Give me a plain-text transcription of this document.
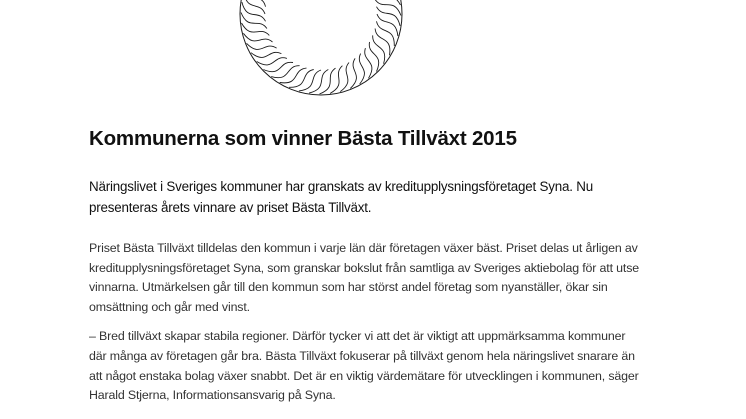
Kommunerna som vinner Bästa Tillväxt 2015

Näringslivet i Sveriges kommuner har granskats av kreditupplysningsföretaget Syna. Nu
presenteras årets vinnare av priset Bästa Tillväxt.

Priset Bästa Tillväxt tilldelas den kommun i varje län där företagen växer bäst. Priset delas ut årligen av
kreditupplysningsföretaget Syna, som granskar bokslut från samtliga av Sveriges aktiebolag för att utse
vinnarna. Utmärkelsen går till den kommun som har störst andel företag som nyanställer, ökar sin
omsättning och går med vinst.

– Bred tillväxt skapar stabila regioner. Därför tycker vi att det är viktigt att uppmärksamma kommuner
där många av företagen går bra. Bästa Tillväxt fokuserar på tillväxt genom hela näringslivet snarare än
att något enstaka bolag växer snabbt. Det är en viktig värdemätare för utvecklingen i kommunen, säger
Harald Stjerna, Informationsansvarig på Syna.
